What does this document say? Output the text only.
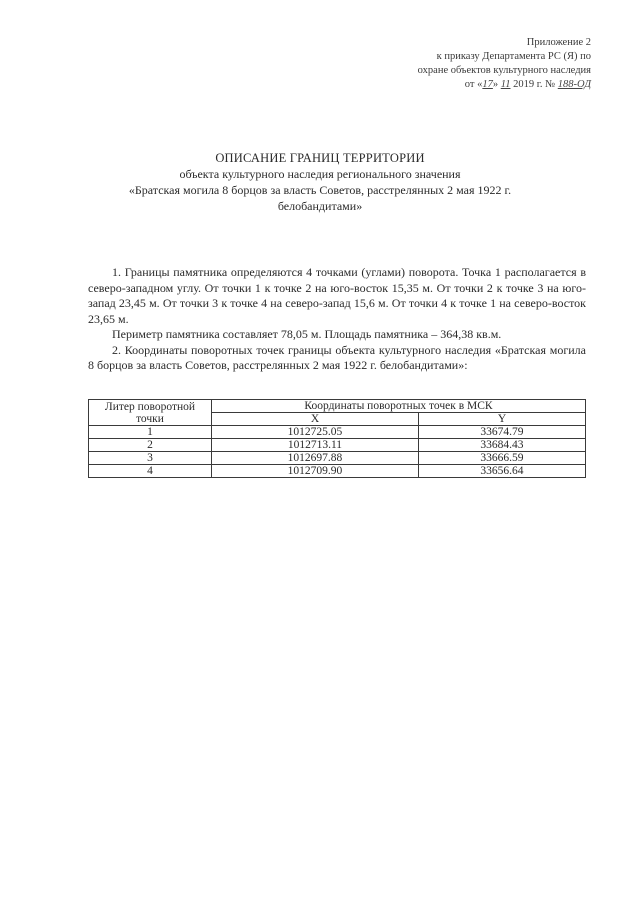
Приложение 2
к приказу Департамента РС (Я) по
охране объектов культурного наследия
от «17» 11 2019 г. № 188-ОД
ОПИСАНИЕ ГРАНИЦ ТЕРРИТОРИИ
объекта культурного наследия регионального значения
«Братская могила 8 борцов за власть Советов, расстрелянных 2 мая 1922 г.
белобандитами»

1. Границы памятника определяются 4 точками (углами) поворота. Точка 1 располагается в северо-западном углу. От точки 1 к точке 2 на юго-восток 15,35 м. От точки 2 к точке 3 на юго-запад 23,45 м. От точки 3 к точке 4 на северо-запад 15,6 м. От точки 4 к точке 1 на северо-восток 23,65 м.

Периметр памятника составляет 78,05 м. Площадь памятника – 364,38 кв.м.

2. Координаты поворотных точек границы объекта культурного наследия «Братская могила 8 борцов за власть Советов, расстрелянных 2 мая 1922 г. белобандитами»:

Литер поворотной точки	Координаты поворотных точек в МСК	
	X	Y
1	1012725.05	33674.79
2	1012713.11	33684.43
3	1012697.88	33666.59
4	1012709.90	33656.64
